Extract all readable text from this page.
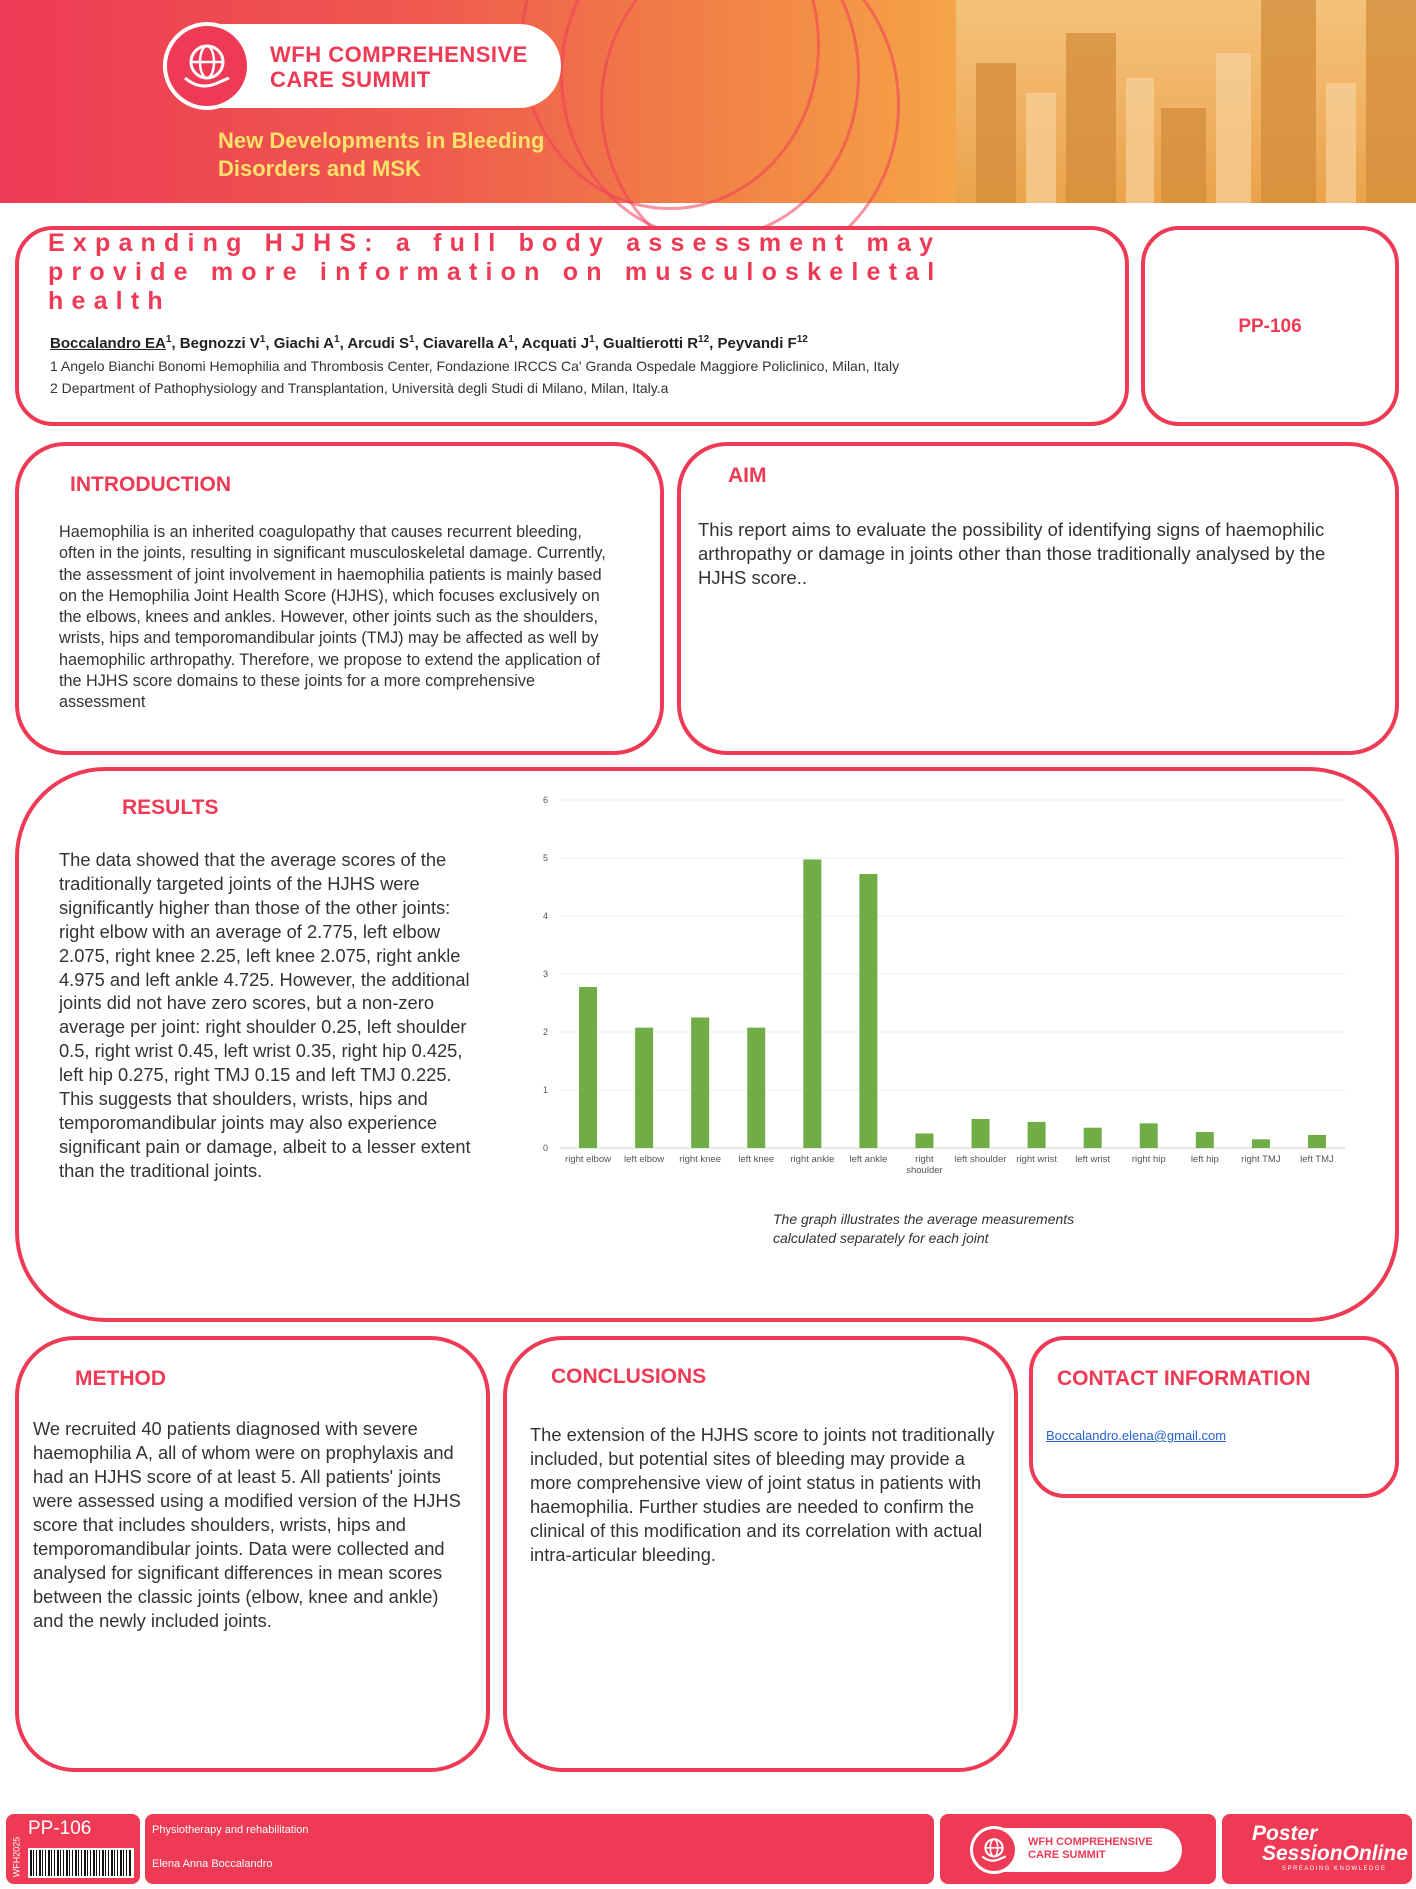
WFH COMPREHENSIVE
CARE SUMMIT
New Developments in Bleeding Disorders and MSK
Expanding HJHS: a full body assessment may provide more information on musculoskeletal health
Boccalandro $EA^1$, Begnozzi $V^1$, Giachi $A^1$, Arcudi $S^1$, Ciavarella $A^1$, Acquati $J^1$, Gualtierotti $R^{12}$, Peyvandi $F^{12}$
1 Angelo Bianchi Bonomi Hemophilia and Thrombosis Center, Fondazione IRCCS Ca' Granda Ospedale Maggiore Policlinico, Milan, Italy
2 Department of Pathophysiology and Transplantation, Università degli Studi di Milano, Milan, Italy.a
PP-106
INTRODUCTION
Haemophilia is an inherited coagulopathy that causes recurrent bleeding, often in the joints, resulting in significant musculoskeletal damage. Currently, the assessment of joint involvement in haemophilia patients is mainly based on the Hemophilia Joint Health Score (HJHS), which focuses exclusively on the elbows, knees and ankles. However, other joints such as the shoulders, wrists, hips and temporomandibular joints (TMJ) may be affected as well by haemophilic arthropathy. Therefore, we propose to extend the application of the HJHS score domains to these joints for a more comprehensive assessment
AIM
This report aims to evaluate the possibility of identifying signs of haemophilic arthropathy or damage in joints other than those traditionally analysed by the HJHS score..
RESULTS
The data showed that the average scores of the traditionally targeted joints of the HJHS were significantly higher than those of the other joints: right elbow with an average of 2.775, left elbow 2.075, right knee 2.25, left knee 2.075, right ankle 4.975 and left ankle 4.725. However, the additional joints did not have zero scores, but a non-zero average per joint: right shoulder 0.25, left shoulder 0.5, right wrist 0.45, left wrist 0.35, right hip 0.425, left hip 0.275, right TMJ 0.15 and left TMJ 0.225. This suggests that shoulders, wrists, hips and temporomandibular joints may also experience significant pain or damage, albeit to a lesser extent than the traditional joints.
0
1
2
3
4
5
6
right elbow left elbow right knee left knee right ankle left ankle	right shoulder
left shoulder right wrist left wrist right hip	left hip right TMJ left TMJ
The graph illustrates the average measurements calculated separately for each joint
METHOD
We recruited 40 patients diagnosed with severe haemophilia A, all of whom were on prophylaxis and had an HJHS score of at least 5. All patients' joints were assessed using a modified version of the HJHS score that includes shoulders, wrists, hips and temporomandibular joints. Data were collected and analysed for significant differences in mean scores between the classic joints (elbow, knee and ankle) and the newly included joints.
CONCLUSIONS
The extension of the HJHS score to joints not traditionally included, but potential sites of bleeding may provide a more comprehensive view of joint status in patients with haemophilia. Further studies are needed to confirm the clinical of this modification and its correlation with actual intra-articular bleeding.
CONTACT INFORMATION
Boccalandro.elena@gmail.com
WFH2025
PP-106	Physiotherapy and rehabilitation
Elena Anna Boccalandro
WFH COMPREHENSIVE
CARE SUMMIT
Poster
SessionOnline
SPREADING KNOWLEDGE
